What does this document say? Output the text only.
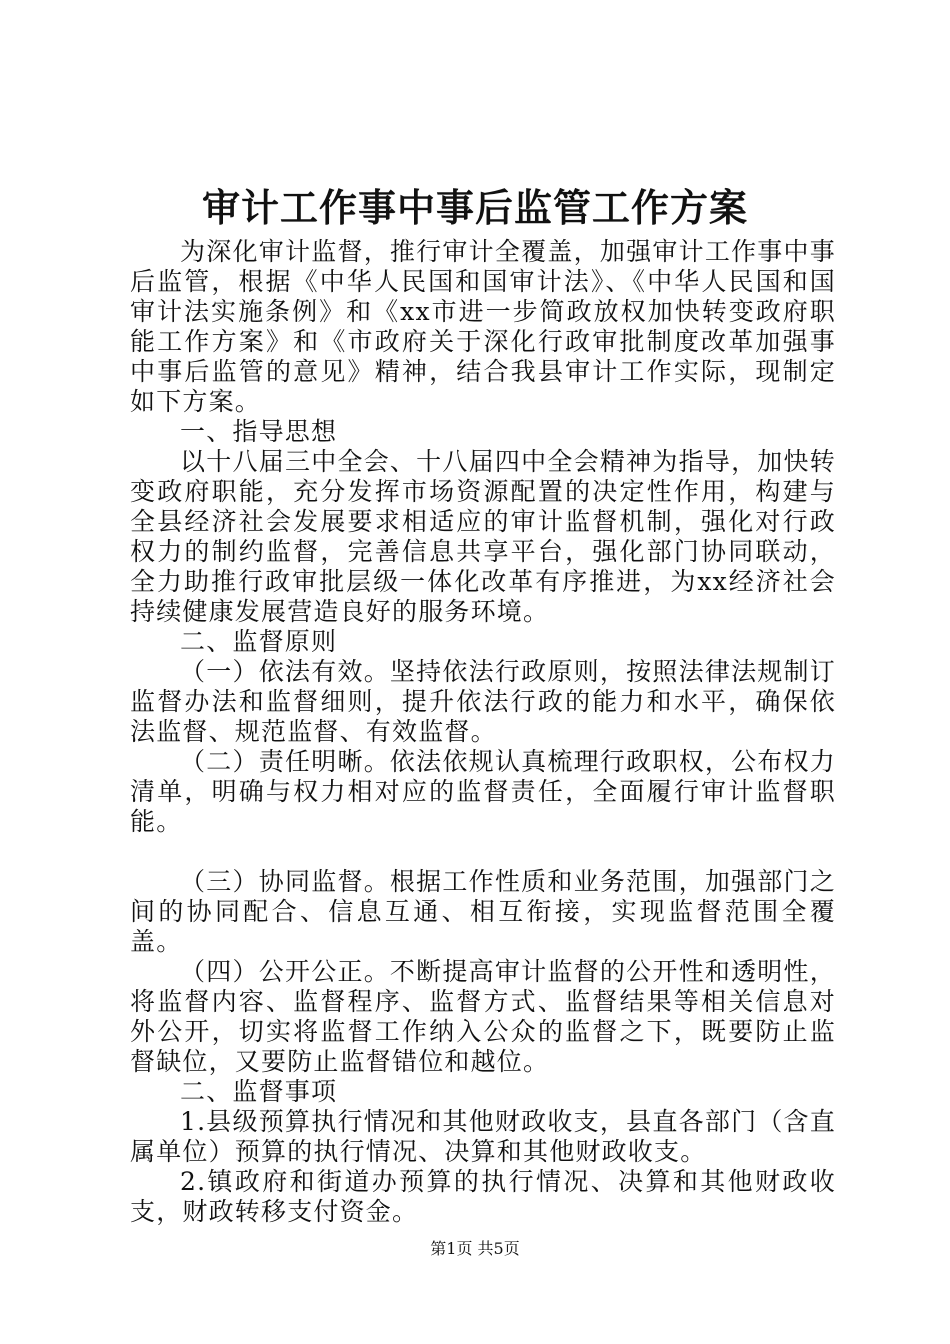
审计工作事中事后监管工作方案

为深化审计监督，推行审计全覆盖，加强审计工作事中事后监管，根据《中华人民国和国审计法》、《中华人民国和国审计法实施条例》和《xx市进一步简政放权加快转变政府职能工作方案》和《市政府关于深化行政审批制度改革加强事中事后监管的意见》精神，结合我县审计工作实际，现制定如下方案。

一、指导思想

以十八届三中全会、十八届四中全会精神为指导，加快转变政府职能，充分发挥市场资源配置的决定性作用，构建与全县经济社会发展要求相适应的审计监督机制，强化对行政权力的制约监督，完善信息共享平台，强化部门协同联动，全力助推行政审批层级一体化改革有序推进，为xx经济社会持续健康发展营造良好的服务环境。

二、监督原则

（一）依法有效。坚持依法行政原则，按照法律法规制订监督办法和监督细则，提升依法行政的能力和水平，确保依法监督、规范监督、有效监督。

（二）责任明晰。依法依规认真梳理行政职权，公布权力清单，明确与权力相对应的监督责任，全面履行审计监督职能。

（三）协同监督。根据工作性质和业务范围，加强部门之间的协同配合、信息互通、相互衔接，实现监督范围全覆盖。

（四）公开公正。不断提高审计监督的公开性和透明性，将监督内容、监督程序、监督方式、监督结果等相关信息对外公开，切实将监督工作纳入公众的监督之下，既要防止监督缺位，又要防止监督错位和越位。

二、监督事项

1.县级预算执行情况和其他财政收支，县直各部门（含直属单位）预算的执行情况、决算和其他财政收支。

2.镇政府和街道办预算的执行情况、决算和其他财政收支，财政转移支付资金。

第1页 共5页
